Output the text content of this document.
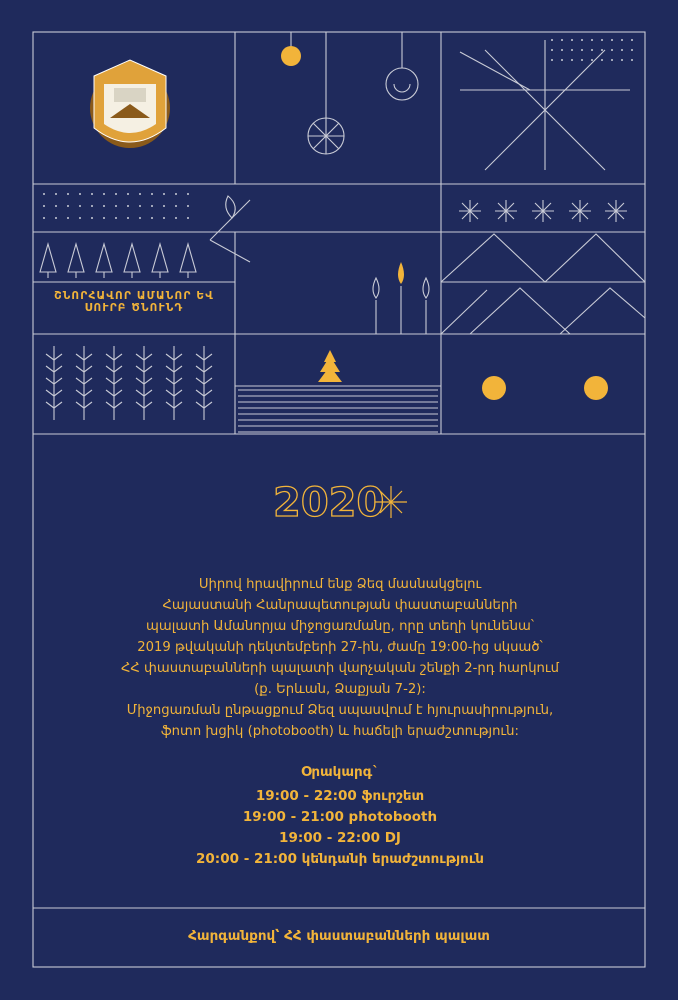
ՇՆՈՐՀԱՎՈՐ ԱՄԱՆՈՐ ԵՎ ՍՈՒՐԲ ԾՆՈՒՆԴ
2020

Սիրով հրավիրում ենք Ձեզ մասնակցելու

Հայաստանի Հանրապետության փաստաբանների

պալատի Ամանորյա միջոցառմանը, որը տեղի կունենա՝

2019 թվականի դեկտեմբերի 27-ին, ժամը 19:00-ից սկսած՝

ՀՀ փաստաբանների պալատի վարչական շենքի 2-րդ հարկում

(ք. Երևան, Ձաքյան 7-2):

Միջոցառման ընթացքում Ձեզ սպասվում է հյուրասիրություն,

ֆոտո խցիկ (photobooth) և հաճելի երաժշտություն:

Օրակարգ`

19:00 - 22:00 ֆուրշետ

19:00 - 21:00 photobooth

19:00 - 22:00 DJ

20:00 - 21:00 կենդանի երաժշտություն

Հարգանքով՝ ՀՀ փաստաբանների պալատ
